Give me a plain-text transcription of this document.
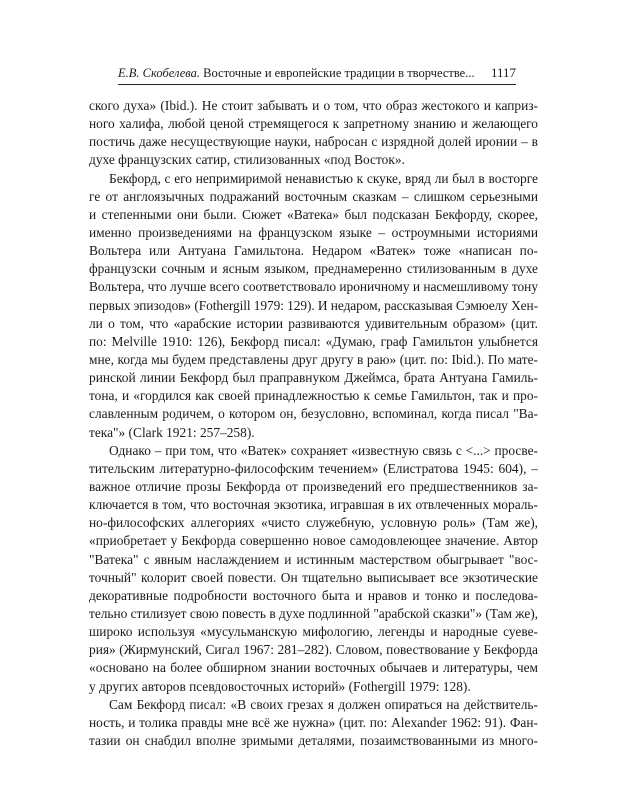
Е.В. Скобелева. Восточные и европейские традиции в творчестве... 1117
ского духа» (Ibid.). Не стоит забывать и о том, что образ жестокого и каприз-
ного халифа, любой ценой стремящегося к запретному знанию и желающего
постичь даже несуществующие науки, набросан с изрядной долей иронии – в
духе французских сатир, стилизованных «под Восток».
Бекфорд, с его непримиримой ненавистью к скуке, вряд ли был в восторге
ге от англоязычных подражаний восточным сказкам – слишком серьезными
и степенными они были. Сюжет «Ватека» был подсказан Бекфорду, скорее,
именно произведениями на французском языке – остроумными историями
Вольтера или Антуана Гамильтона. Недаром «Ватек» тоже «написан по-
французски сочным и ясным языком, преднамеренно стилизованным в духе
Вольтера, что лучше всего соответствовало ироничному и насмешливому тону
первых эпизодов» (Fothergill 1979: 129). И недаром, рассказывая Сэмюелу Хен-
ли о том, что «арабские истории развиваются удивительным образом» (цит.
по: Melville 1910: 126), Бекфорд писал: «Думаю, граф Гамильтон улыбнется
мне, когда мы будем представлены друг другу в раю» (цит. по: Ibid.). По мате-
ринской линии Бекфорд был праправнуком Джеймса, брата Антуана Гамиль-
тона, и «гордился как своей принадлежностью к семье Гамильтон, так и про-
славленным родичем, о котором он, безусловно, вспоминал, когда писал "Ва-
тека"» (Clark 1921: 257–258).
Однако – при том, что «Ватек» сохраняет «известную связь с <...> просве-
тительским литературно-философским течением» (Елистратова 1945: 604), –
важное отличие прозы Бекфорда от произведений его предшественников за-
ключается в том, что восточная экзотика, игравшая в их отвлеченных мораль-
но-философских аллегориях «чисто служебную, условную роль» (Там же),
«приобретает у Бекфорда совершенно новое самодовлеющее значение. Автор
"Ватека" с явным наслаждением и истинным мастерством обыгрывает "вос-
точный" колорит своей повести. Он тщательно выписывает все экзотические
декоративные подробности восточного быта и нравов и тонко и последова-
тельно стилизует свою повесть в духе подлинной "арабской сказки"» (Там же),
широко используя «мусульманскую мифологию, легенды и народные суеве-
рия» (Жирмунский, Сигал 1967: 281–282). Словом, повествование у Бекфорда
«основано на более обширном знании восточных обычаев и литературы, чем
у других авторов псевдовосточных историй» (Fothergill 1979: 128).
Сам Бекфорд писал: «В своих грезах я должен опираться на действитель-
ность, и толика правды мне всё же нужна» (цит. по: Alexander 1962: 91). Фан-
тазии он снабдил вполне зримыми деталями, позаимствованными из много-
